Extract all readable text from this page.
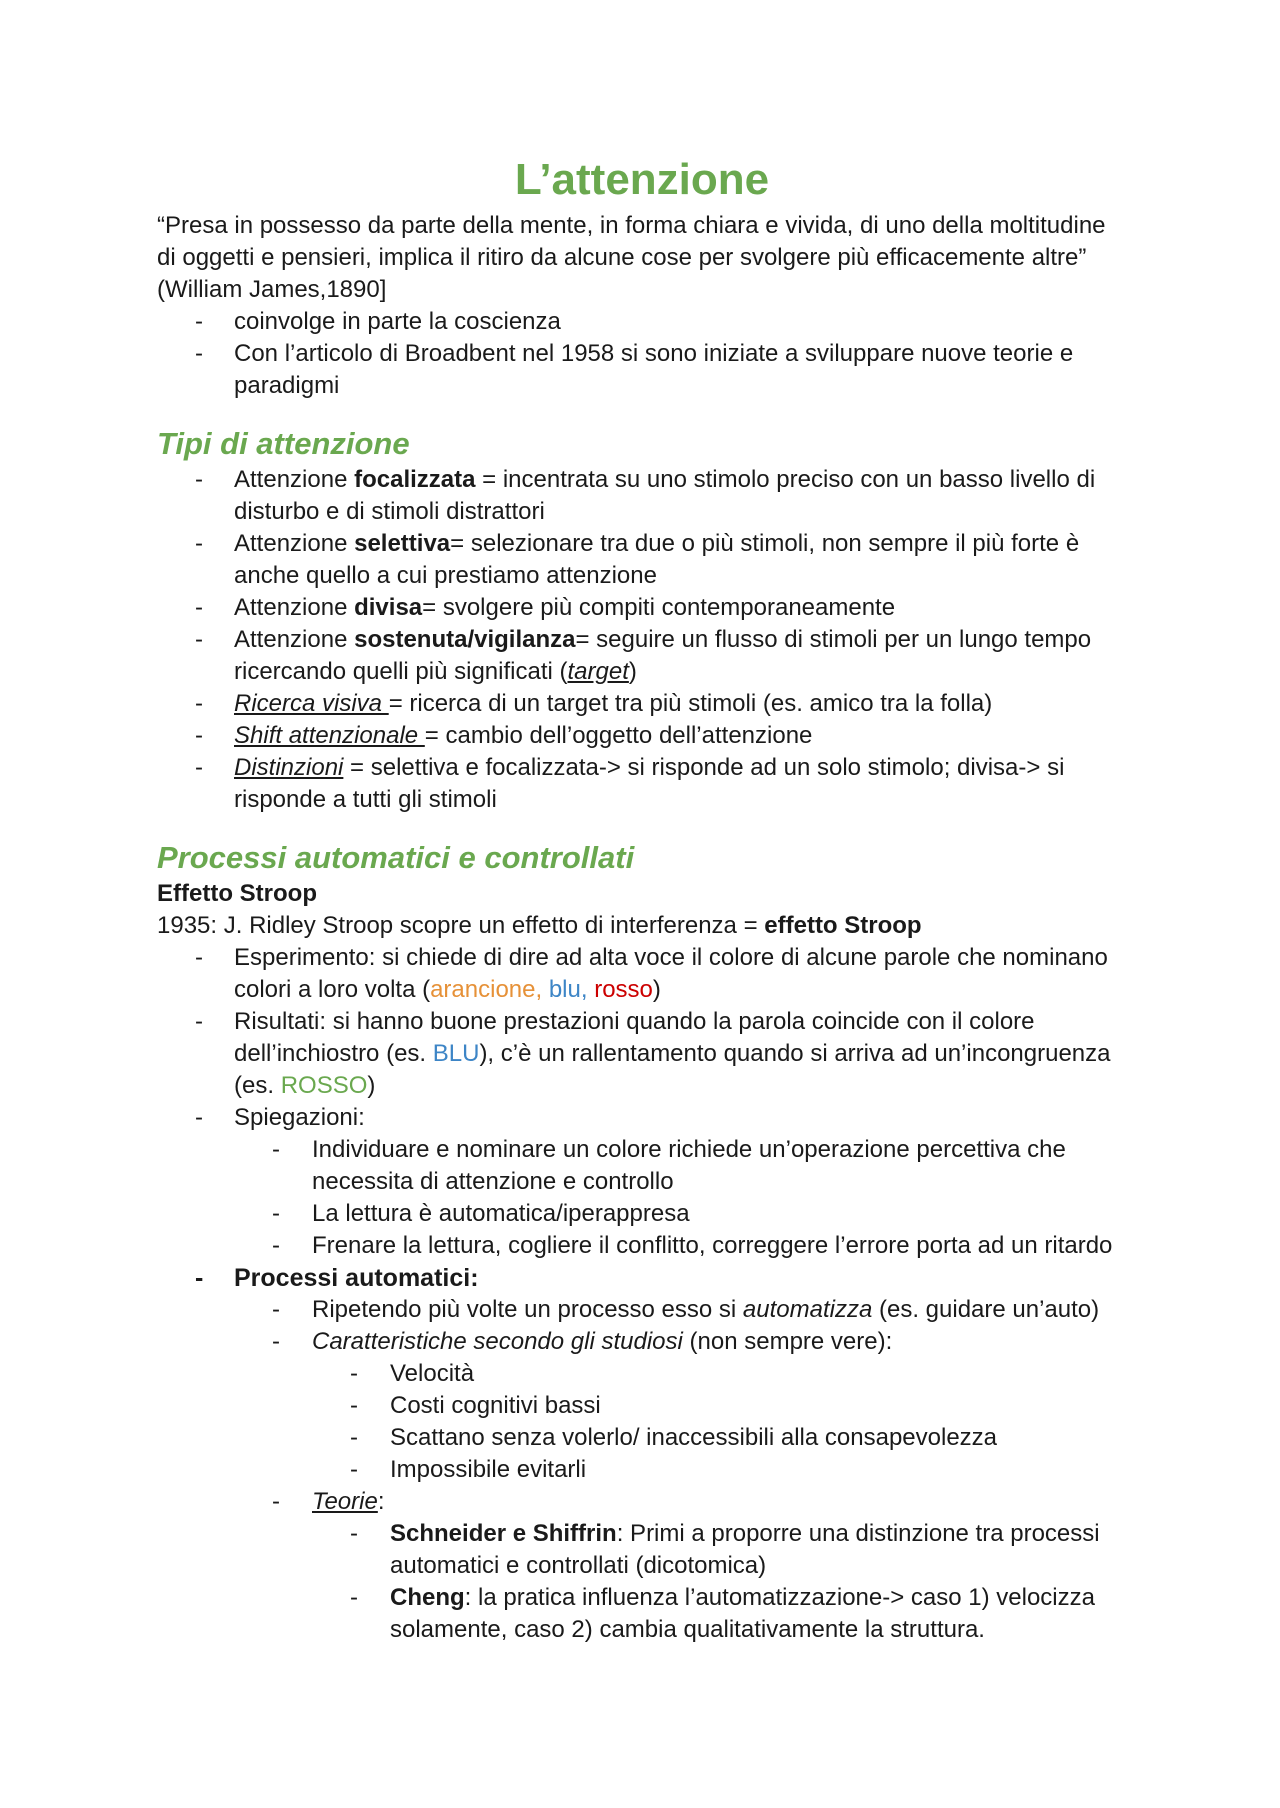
L’attenzione

“Presa in possesso da parte della mente, in forma chiara e vivida, di uno della moltitudine di oggetti e pensieri, implica il ritiro da alcune cose per svolgere più efficacemente altre”

(William James,1890]

- coinvolge in parte la coscienza
- Con l’articolo di Broadbent nel 1958 si sono iniziate a sviluppare nuove teorie e paradigmi
Tipi di attenzione
- Attenzione focalizzata = incentrata su uno stimolo preciso con un basso livello di disturbo e di stimoli distrattori
- Attenzione selettiva= selezionare tra due o più stimoli, non sempre il più forte è anche quello a cui prestiamo attenzione
- Attenzione divisa= svolgere più compiti contemporaneamente
- Attenzione sostenuta/vigilanza= seguire un flusso di stimoli per un lungo tempo ricercando quelli più significati (target)
- Ricerca visiva = ricerca di un target tra più stimoli (es. amico tra la folla)
- Shift attenzionale = cambio dell’oggetto dell’attenzione
- Distinzioni = selettiva e focalizzata-> si risponde ad un solo stimolo; divisa-> si risponde a tutti gli stimoli
Processi automatici e controllati

Effetto Stroop

1935: J. Ridley Stroop scopre un effetto di interferenza = effetto Stroop

- Esperimento: si chiede di dire ad alta voce il colore di alcune parole che nominano colori a loro volta (arancione, blu, rosso)
- Risultati: si hanno buone prestazioni quando la parola coincide con il colore dell’inchiostro (es. BLU), c’è un rallentamento quando si arriva ad un’incongruenza (es. ROSSO)
- Spiegazioni:
- Individuare e nominare un colore richiede un’operazione percettiva che necessita di attenzione e controllo
- La lettura è automatica/iperappresa
- Frenare la lettura, cogliere il conflitto, correggere l’errore porta ad un ritardo
- Processi automatici:
- Ripetendo più volte un processo esso si automatizza (es. guidare un’auto)
- Caratteristiche secondo gli studiosi (non sempre vere):
- Velocità
- Costi cognitivi bassi
- Scattano senza volerlo/ inaccessibili alla consapevolezza
- Impossibile evitarli
- Teorie:
- Schneider e Shiffrin: Primi a proporre una distinzione tra processi automatici e controllati (dicotomica)
- Cheng: la pratica influenza l’automatizzazione-> caso 1) velocizza solamente, caso 2) cambia qualitativamente la struttura.
